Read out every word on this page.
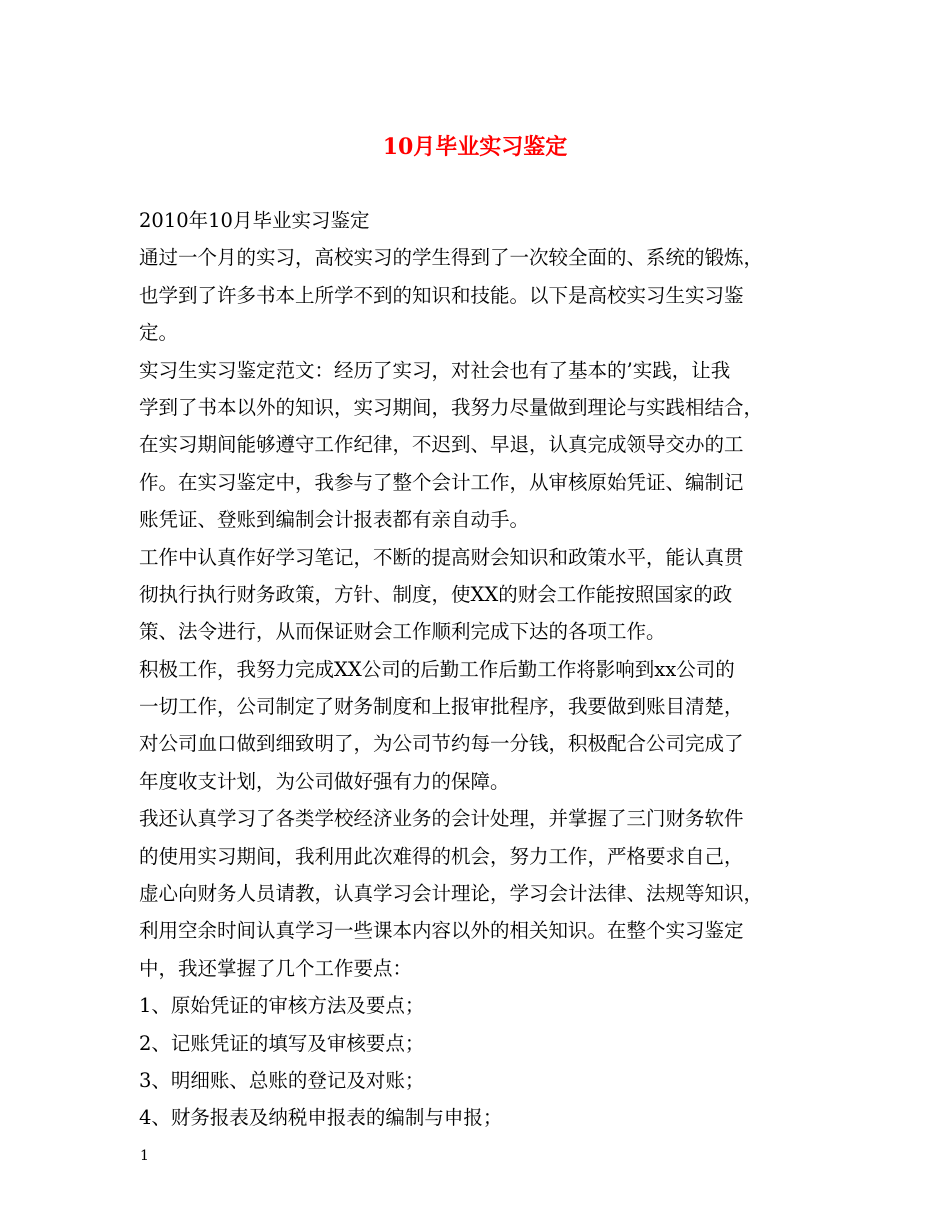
10月毕业实习鉴定

2010年10月毕业实习鉴定

通过一个月的实习，高校实习的学生得到了一次较全面的、系统的锻炼，

也学到了许多书本上所学不到的知识和技能。以下是高校实习生实习鉴

定。

实习生实习鉴定范文：经历了实习，对社会也有了基本的’实践，让我

学到了书本以外的知识，实习期间，我努力尽量做到理论与实践相结合，

在实习期间能够遵守工作纪律，不迟到、早退，认真完成领导交办的工

作。在实习鉴定中，我参与了整个会计工作，从审核原始凭证、编制记

账凭证、登账到编制会计报表都有亲自动手。

工作中认真作好学习笔记，不断的提高财会知识和政策水平，能认真贯

彻执行执行财务政策，方针、制度，使XX的财会工作能按照国家的政

策、法令进行，从而保证财会工作顺利完成下达的各项工作。

积极工作，我努力完成XX公司的后勤工作后勤工作将影响到xx公司的

一切工作，公司制定了财务制度和上报审批程序，我要做到账目清楚，

对公司血口做到细致明了，为公司节约每一分钱，积极配合公司完成了

年度收支计划，为公司做好强有力的保障。

我还认真学习了各类学校经济业务的会计处理，并掌握了三门财务软件

的使用实习期间，我利用此次难得的机会，努力工作，严格要求自己，

虚心向财务人员请教，认真学习会计理论，学习会计法律、法规等知识，

利用空余时间认真学习一些课本内容以外的相关知识。在整个实习鉴定

中，我还掌握了几个工作要点：

1、原始凭证的审核方法及要点；

2、记账凭证的填写及审核要点；

3、明细账、总账的登记及对账；

4、财务报表及纳税申报表的编制与申报；

1
